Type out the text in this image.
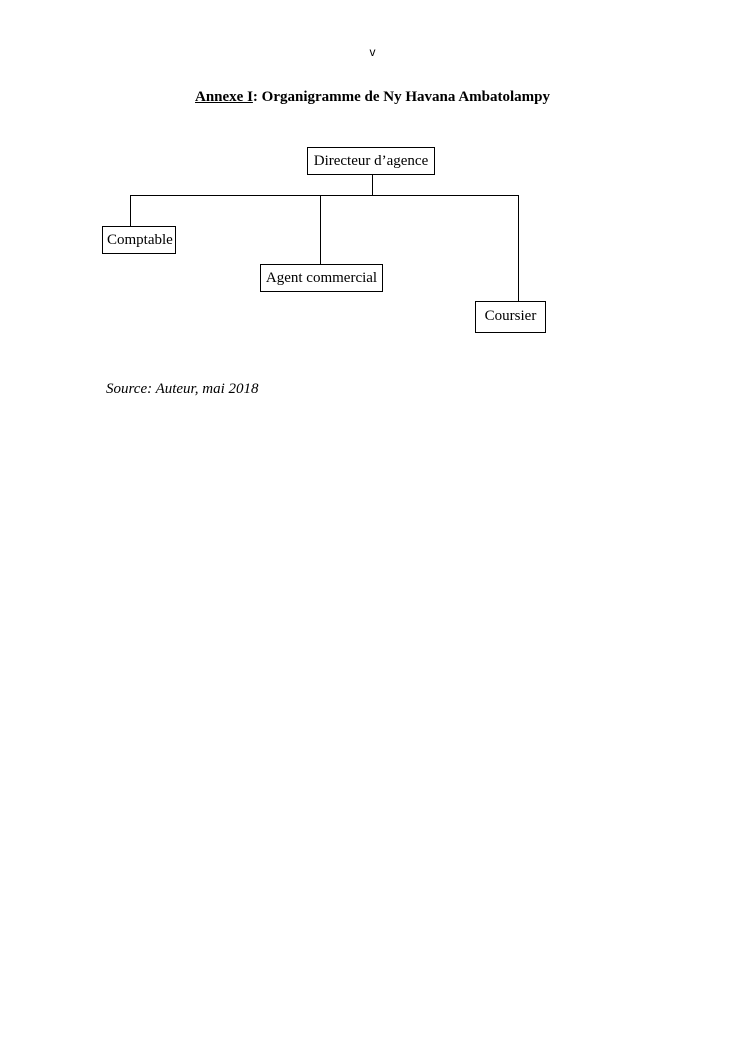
v
Annexe I: Organigramme de Ny Havana Ambatolampy
Directeur d’agence
Comptable
Agent commercial
Coursier
Source: Auteur, mai 2018
